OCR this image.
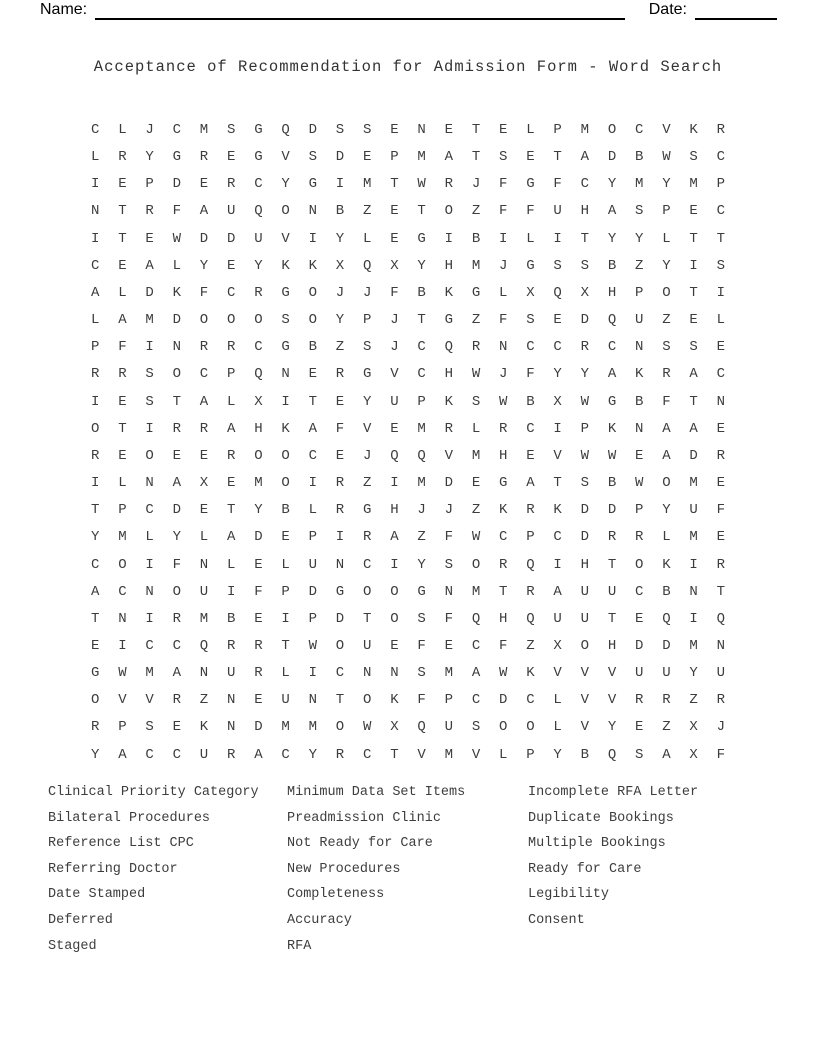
Name:	Date:
Acceptance of Recommendation for Admission Form - Word Search
CLJCMSGQDSSENETELPMOCVKR
LRYGREGVSDEPMATSETADBWSC
IEPDERCYGIMTWRJFGFCYMYMP
NTRFAUQONBZETOZFFUHASPEC
ITEWDDUVIYLEGIBILITYYLTT
CEALYEYKKXQXYHMJGSSBZYIS
ALDKFCRGOJJFBKGLXQXHPOTI
LAMDOOOSOYPJTGZFSEDQUZEL
PFINRRCGBZSJCQRNCCRCNSSE
RRSOCPQNERGVCHWJFYYAKRAC
IESTALXITEYUPKSWBXWGBFTN
OTIRRAHKAFVEMRLRCIPKNAAE
REOEEROOCEJQQVMHEVWWEADR
ILNAXEMOIRZIMDEGATSBWOME
TPCDETYBLRGHJJZKRKDDPYUF
YMLYLADEPIRAZFWCPCDRRLME
COIFNLELUNCIYSORQIHTOKIR
ACNOUIFPDGOOGNMTRAUUCBNT
TNIRMBEIPDTOSFQHQUUTEQIQ
EICCQRRTWOUEFECFZXOHDDMN
GWMANURLICNNSMAWKVVVUUYU
OVVRZNEUNTOKFPCDCLVVRRZR
RPSEKNDMMOWXQUSOOLVYEZXJ
YACCURACYRCTVMVLPYBQSAXF
Clinical Priority Category
Bilateral Procedures
Reference List CPC
Referring Doctor
Date Stamped
Deferred
Staged
Minimum Data Set Items
Preadmission Clinic
Not Ready for Care
New Procedures
Completeness
Accuracy
RFA
Incomplete RFA Letter
Duplicate Bookings
Multiple Bookings
Ready for Care
Legibility
Consent
